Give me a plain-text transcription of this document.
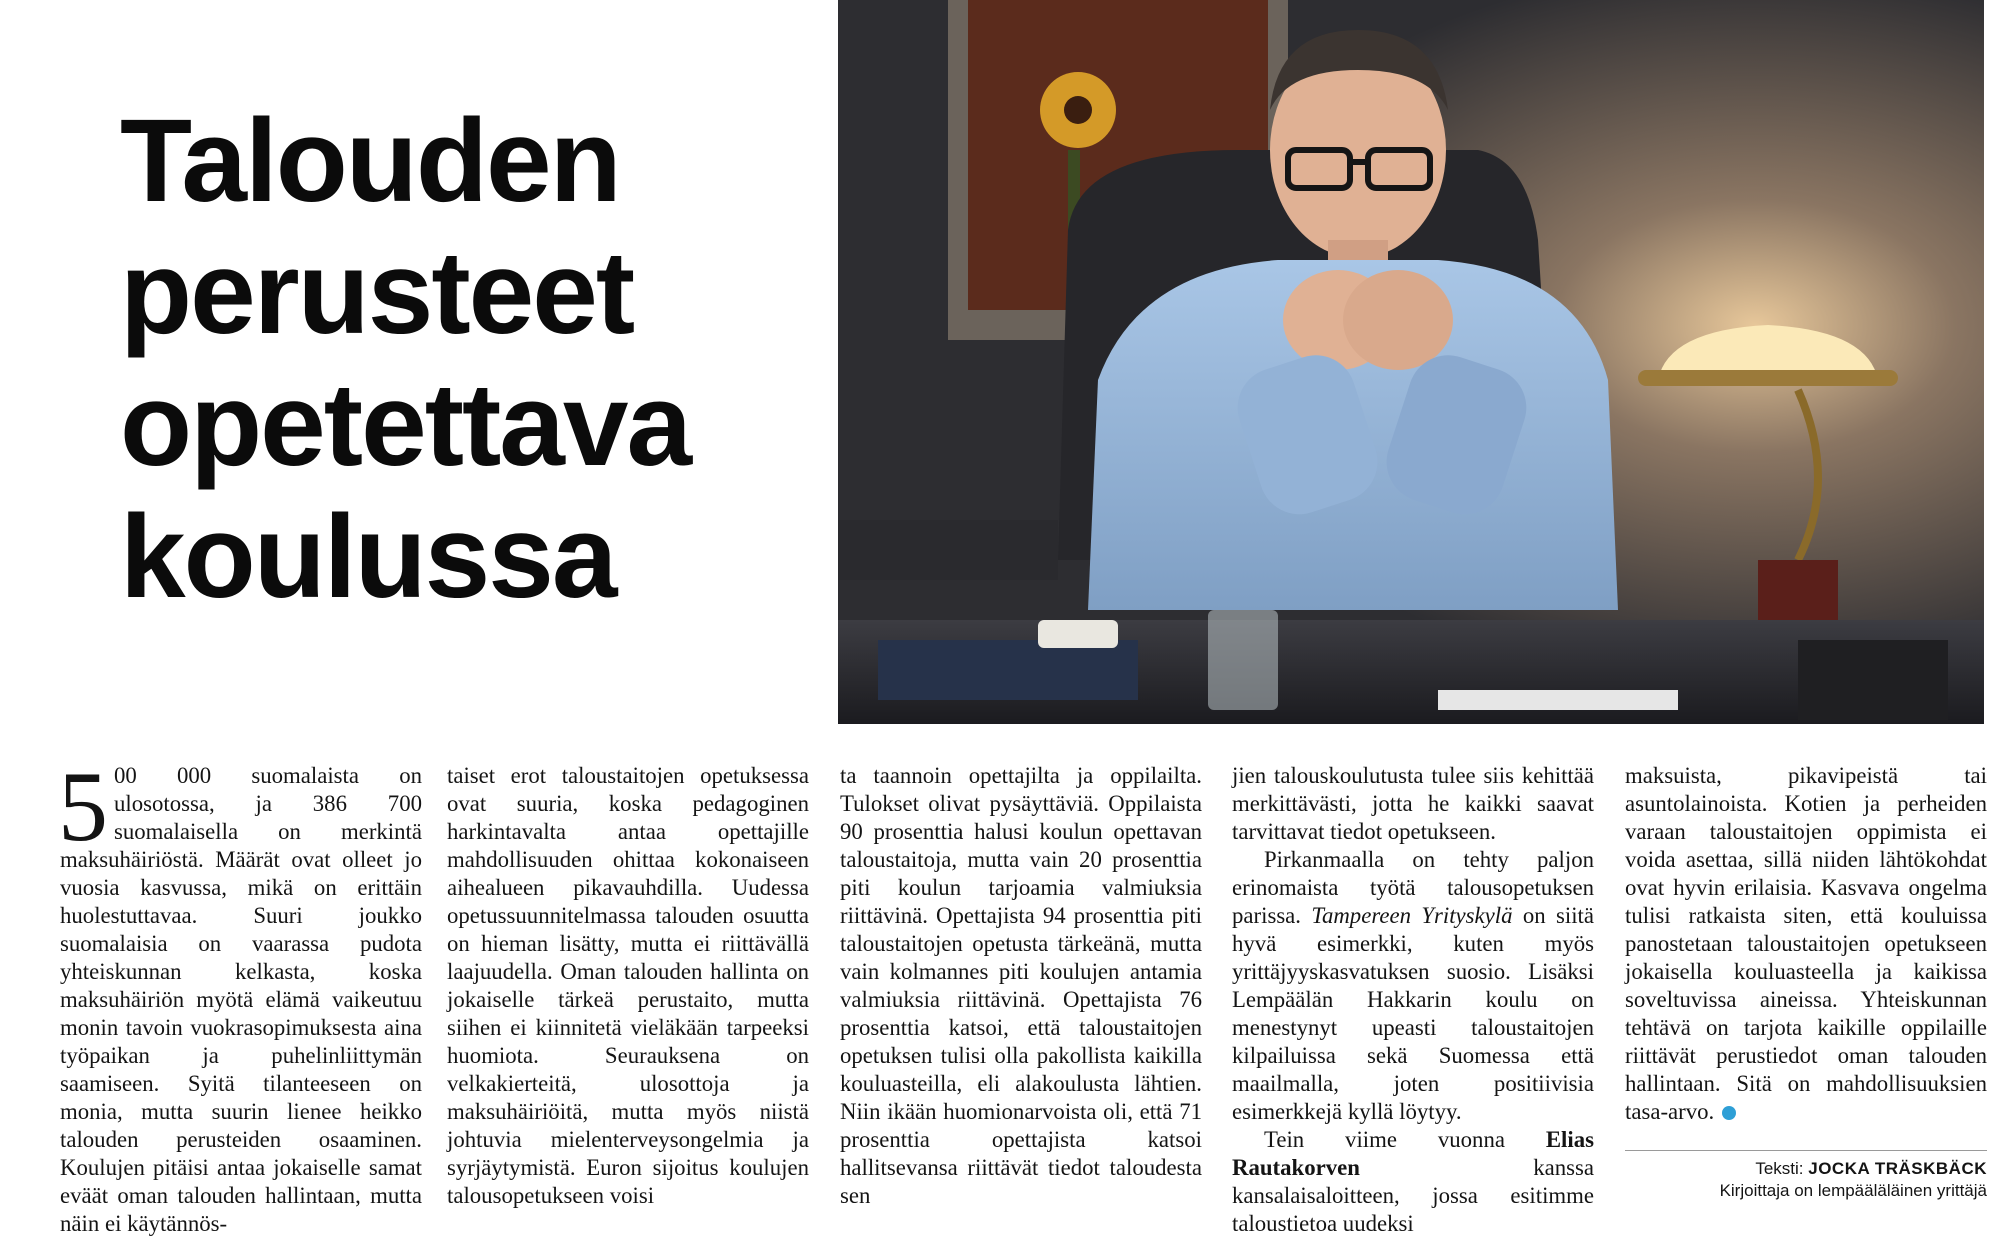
Talouden
perusteet
opetettava
koulussa

5 00 000 suomalaista on ulosotossa, ja 386 700 suomalaisella on merkintä maksuhäiriöstä. Määrät ovat olleet jo vuosia kasvussa, mikä on erittäin huolestuttavaa. Suuri joukko suomalaisia on vaarassa pudota yhteiskunnan kelkasta, koska maksuhäiriön myötä elämä vaikeutuu monin tavoin vuokrasopimuksesta aina työpaikan ja puhelinliittymän saamiseen. Syitä tilanteeseen on monia, mutta suurin lienee heikko talouden perusteiden osaaminen. Koulujen pitäisi antaa jokaiselle samat eväät oman talouden hallintaan, mutta näin ei käytännös-

taiset erot taloustaitojen opetuksessa ovat suuria, koska pedagoginen harkintavalta antaa opettajille mahdollisuuden ohittaa kokonaiseen aihealueen pikavauhdilla. Uudessa opetussuunnitelmassa talouden osuutta on hieman lisätty, mutta ei riittävällä laajuudella. Oman talouden hallinta on jokaiselle tärkeä perustaito, mutta siihen ei kiinnitetä vieläkään tarpeeksi huomiota. Seurauksena on velkakierteitä, ulosottoja ja maksuhäiriöitä, mutta myös niistä johtuvia mielenterveysongelmia ja syrjäytymistä. Euron sijoitus koulujen talousopetukseen voisi

ta taannoin opettajilta ja oppilailta. Tulokset olivat pysäyttäviä. Oppilaista 90 prosenttia halusi koulun opettavan taloustaitoja, mutta vain 20 prosenttia piti koulun tarjoamia valmiuksia riittävinä. Opettajista 94 prosenttia piti taloustaitojen opetusta tärkeänä, mutta vain kolmannes piti koulujen antamia valmiuksia riittävinä. Opettajista 76 prosenttia katsoi, että taloustaitojen opetuksen tulisi olla pakollista kaikilla kouluasteilla, eli alakoulusta lähtien. Niin ikään huomionarvoista oli, että 71 prosenttia opettajista katsoi hallitsevansa riittävät tiedot taloudesta sen

jien talouskoulutusta tulee siis kehittää merkittävästi, jotta he kaikki saavat tarvittavat tiedot opetukseen.

Pirkanmaalla on tehty paljon erinomaista työtä talousopetuksen parissa. Tampereen Yrityskylä on siitä hyvä esimerkki, kuten myös yrittäjyyskasvatuksen suosio. Lisäksi Lempäälän Hakkarin koulu on menestynyt upeasti taloustaitojen kilpailuissa sekä Suomessa että maailmalla, joten positiivisia esimerkkejä kyllä löytyy.

Tein viime vuonna Elias Rautakorven kanssa kansalaisaloitteen, jossa esitimme taloustietoa uudeksi

maksuista, pikavipeistä tai asuntolainoista. Kotien ja perheiden varaan taloustaitojen oppimista ei voida asettaa, sillä niiden lähtökohdat ovat hyvin erilaisia. Kasvava ongelma tulisi ratkaista siten, että kouluissa panostetaan taloustaitojen opetukseen jokaisella kouluasteella ja kaikissa soveltuvissa aineissa. Yhteiskunnan tehtävä on tarjota kaikille oppilaille riittävät perustiedot oman talouden hallintaan. Sitä on mahdollisuuksien tasa-arvo.

Teksti: JOCKA TRÄSKBÄCK
Kirjoittaja on lempääläläinen yrittäjä
